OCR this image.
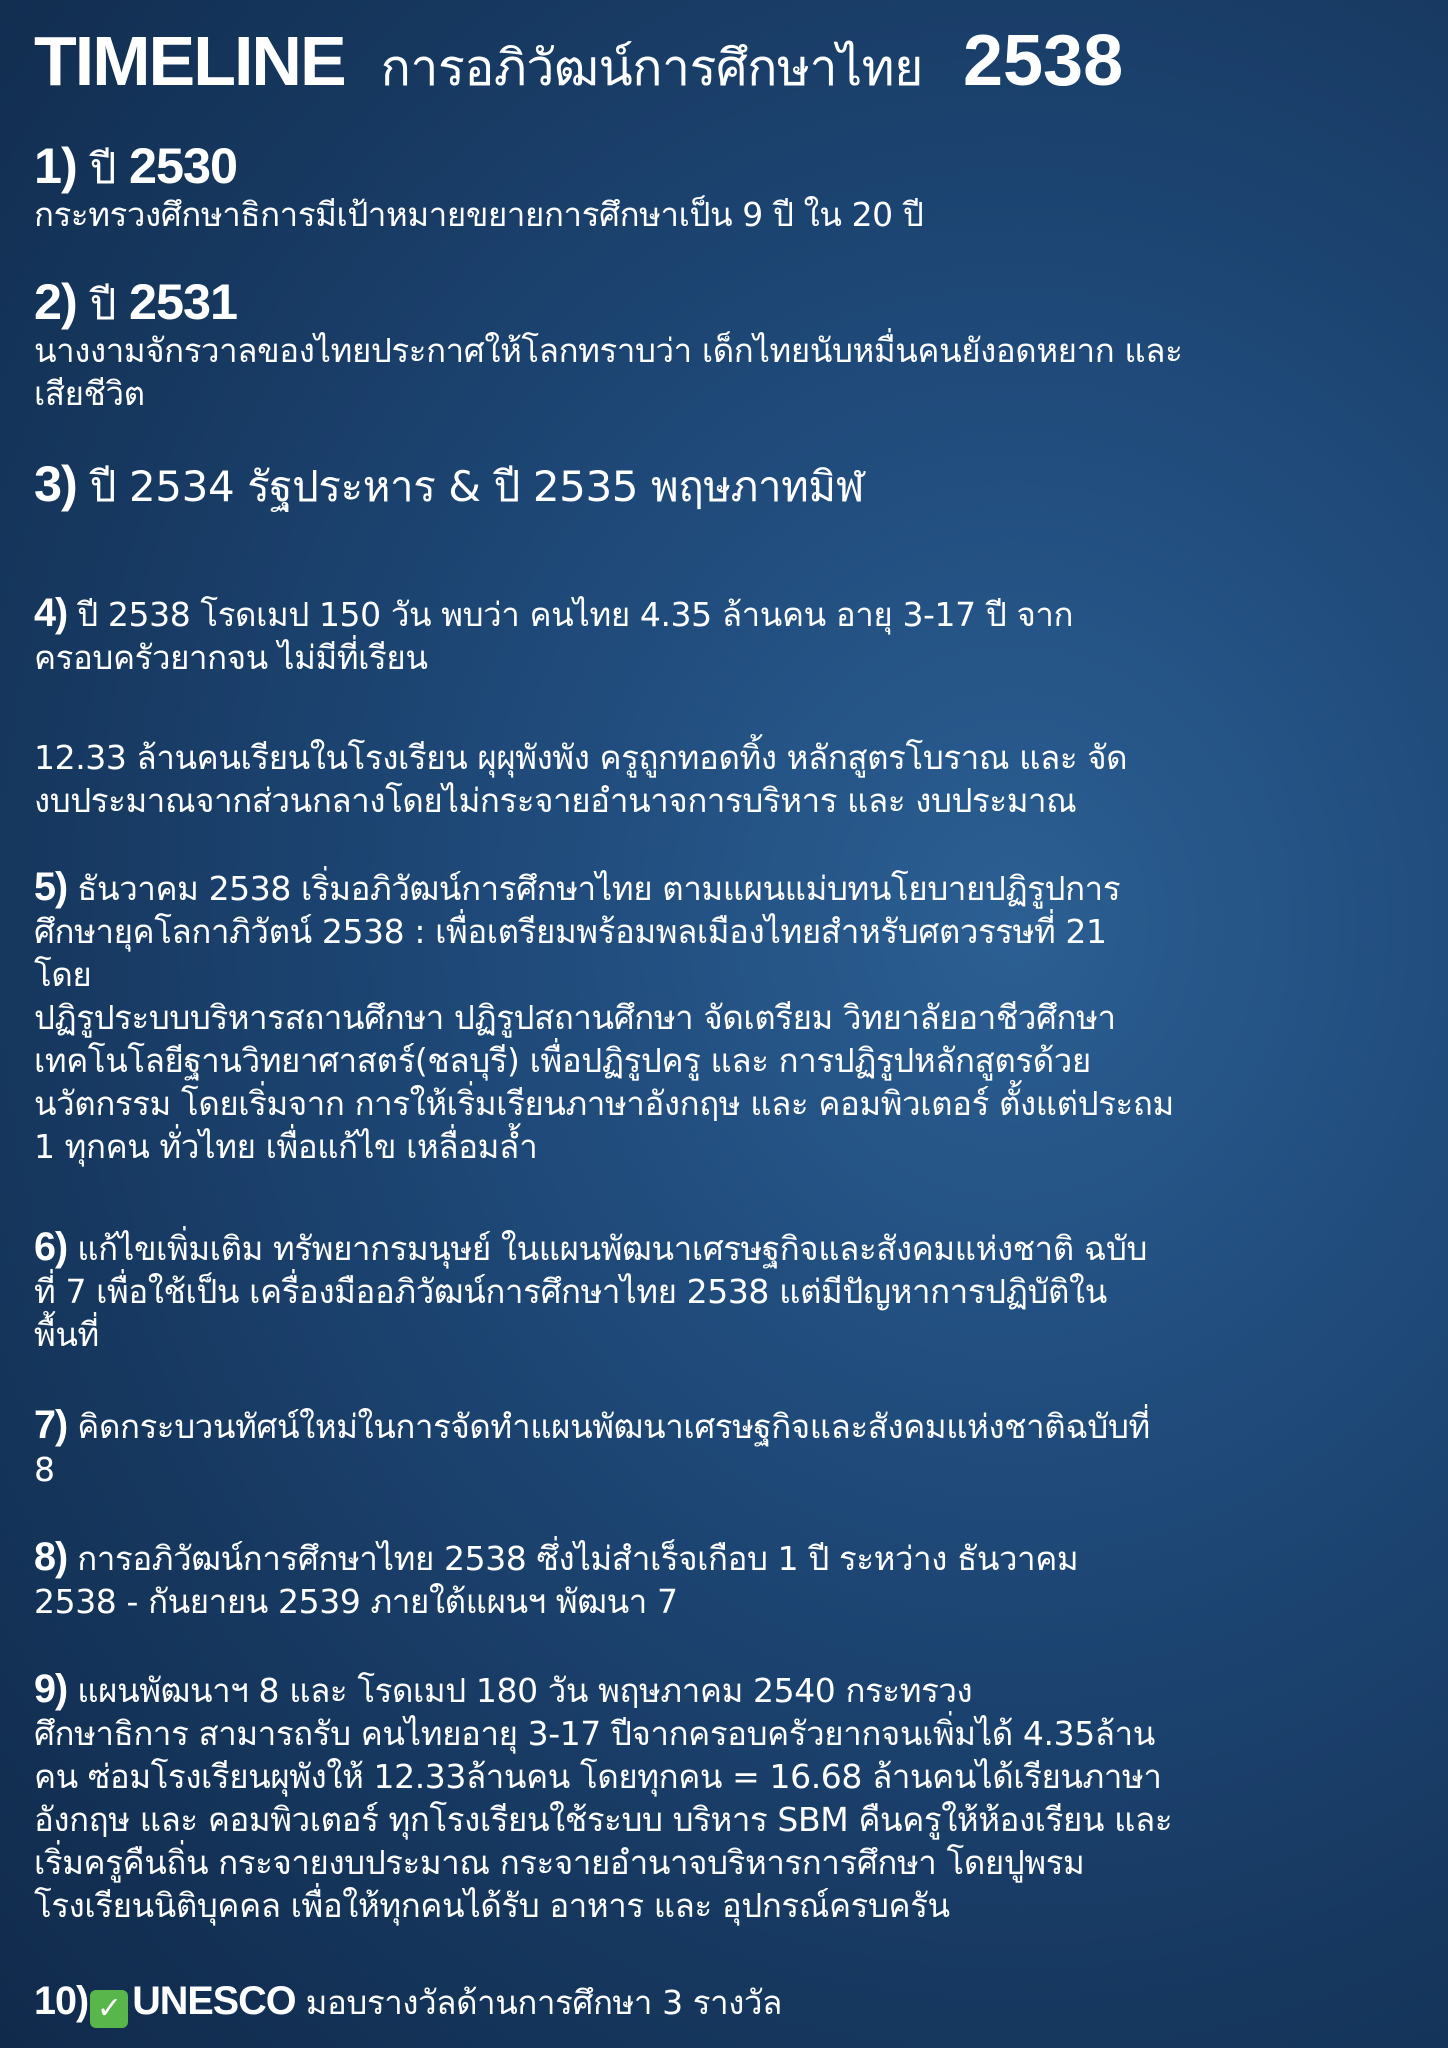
TIMELINE การอภิวัฒน์การศึกษาไทย 2538
1) ปี 2530
กระทรวงศึกษาธิการมีเป้าหมายขยายการศึกษาเป็น 9 ปี ใน 20 ปี
2) ปี 2531
นางงามจักรวาลของไทยประกาศให้โลกทราบว่า เด็กไทยนับหมื่นคนยังอดหยาก และ
เสียชีวิต
3) ปี 2534 รัฐประหาร & ปี 2535 พฤษภาทมิฬ
4) ปี 2538 โรดเมป 150 วัน พบว่า คนไทย 4.35 ล้านคน อายุ 3-17 ปี จาก
ครอบครัวยากจน ไม่มีที่เรียน
12.33 ล้านคนเรียนในโรงเรียน ผุผุพังพัง ครูถูกทอดทิ้ง หลักสูตรโบราณ และ จัด
งบประมาณจากส่วนกลางโดยไม่กระจายอำนาจการบริหาร และ งบประมาณ
5) ธันวาคม 2538 เริ่มอภิวัฒน์การศึกษาไทย ตามแผนแม่บทนโยบายปฏิรูปการ
ศึกษายุคโลกาภิวัตน์ 2538 : เพื่อเตรียมพร้อมพลเมืองไทยสำหรับศตวรรษที่ 21
โดย
ปฏิรูประบบบริหารสถานศึกษา ปฏิรูปสถานศึกษา จัดเตรียม วิทยาลัยอาชีวศึกษา
เทคโนโลยีฐานวิทยาศาสตร์(ชลบุรี) เพื่อปฏิรูปครู และ การปฏิรูปหลักสูตรด้วย
นวัตกรรม โดยเริ่มจาก การให้เริ่มเรียนภาษาอังกฤษ และ คอมพิวเตอร์ ตั้งแต่ประถม
1 ทุกคน ทั่วไทย เพื่อแก้ไข เหลื่อมล้ำ
6) แก้ไขเพิ่มเติม ทรัพยากรมนุษย์ ในแผนพัฒนาเศรษฐกิจและสังคมแห่งชาติ ฉบับ
ที่ 7 เพื่อใช้เป็น เครื่องมืออภิวัฒน์การศึกษาไทย 2538 แต่มีปัญหาการปฏิบัติใน
พื้นที่
7) คิดกระบวนทัศน์ใหม่ในการจัดทำแผนพัฒนาเศรษฐกิจและสังคมแห่งชาติฉบับที่
8
8) การอภิวัฒน์การศึกษาไทย 2538 ซึ่งไม่สำเร็จเกือบ 1 ปี ระหว่าง ธันวาคม
2538 - กันยายน 2539 ภายใต้แผนฯ พัฒนา 7
9) แผนพัฒนาฯ 8 และ โรดเมป 180 วัน พฤษภาคม 2540 กระทรวง
ศึกษาธิการ สามารถรับ คนไทยอายุ 3-17 ปีจากครอบครัวยากจนเพิ่มได้ 4.35ล้าน
คน ซ่อมโรงเรียนผุพังให้ 12.33ล้านคน โดยทุกคน = 16.68 ล้านคนได้เรียนภาษา
อังกฤษ และ คอมพิวเตอร์ ทุกโรงเรียนใช้ระบบ บริหาร SBM คืนครูให้ห้องเรียน และ
เริ่มครูคืนถิ่น กระจายงบประมาณ กระจายอำนาจบริหารการศึกษา โดยปูพรม
โรงเรียนนิติบุคคล เพื่อให้ทุกคนได้รับ อาหาร และ อุปกรณ์ครบครัน
10) ✓ UNESCO มอบรางวัลด้านการศึกษา 3 รางวัล
